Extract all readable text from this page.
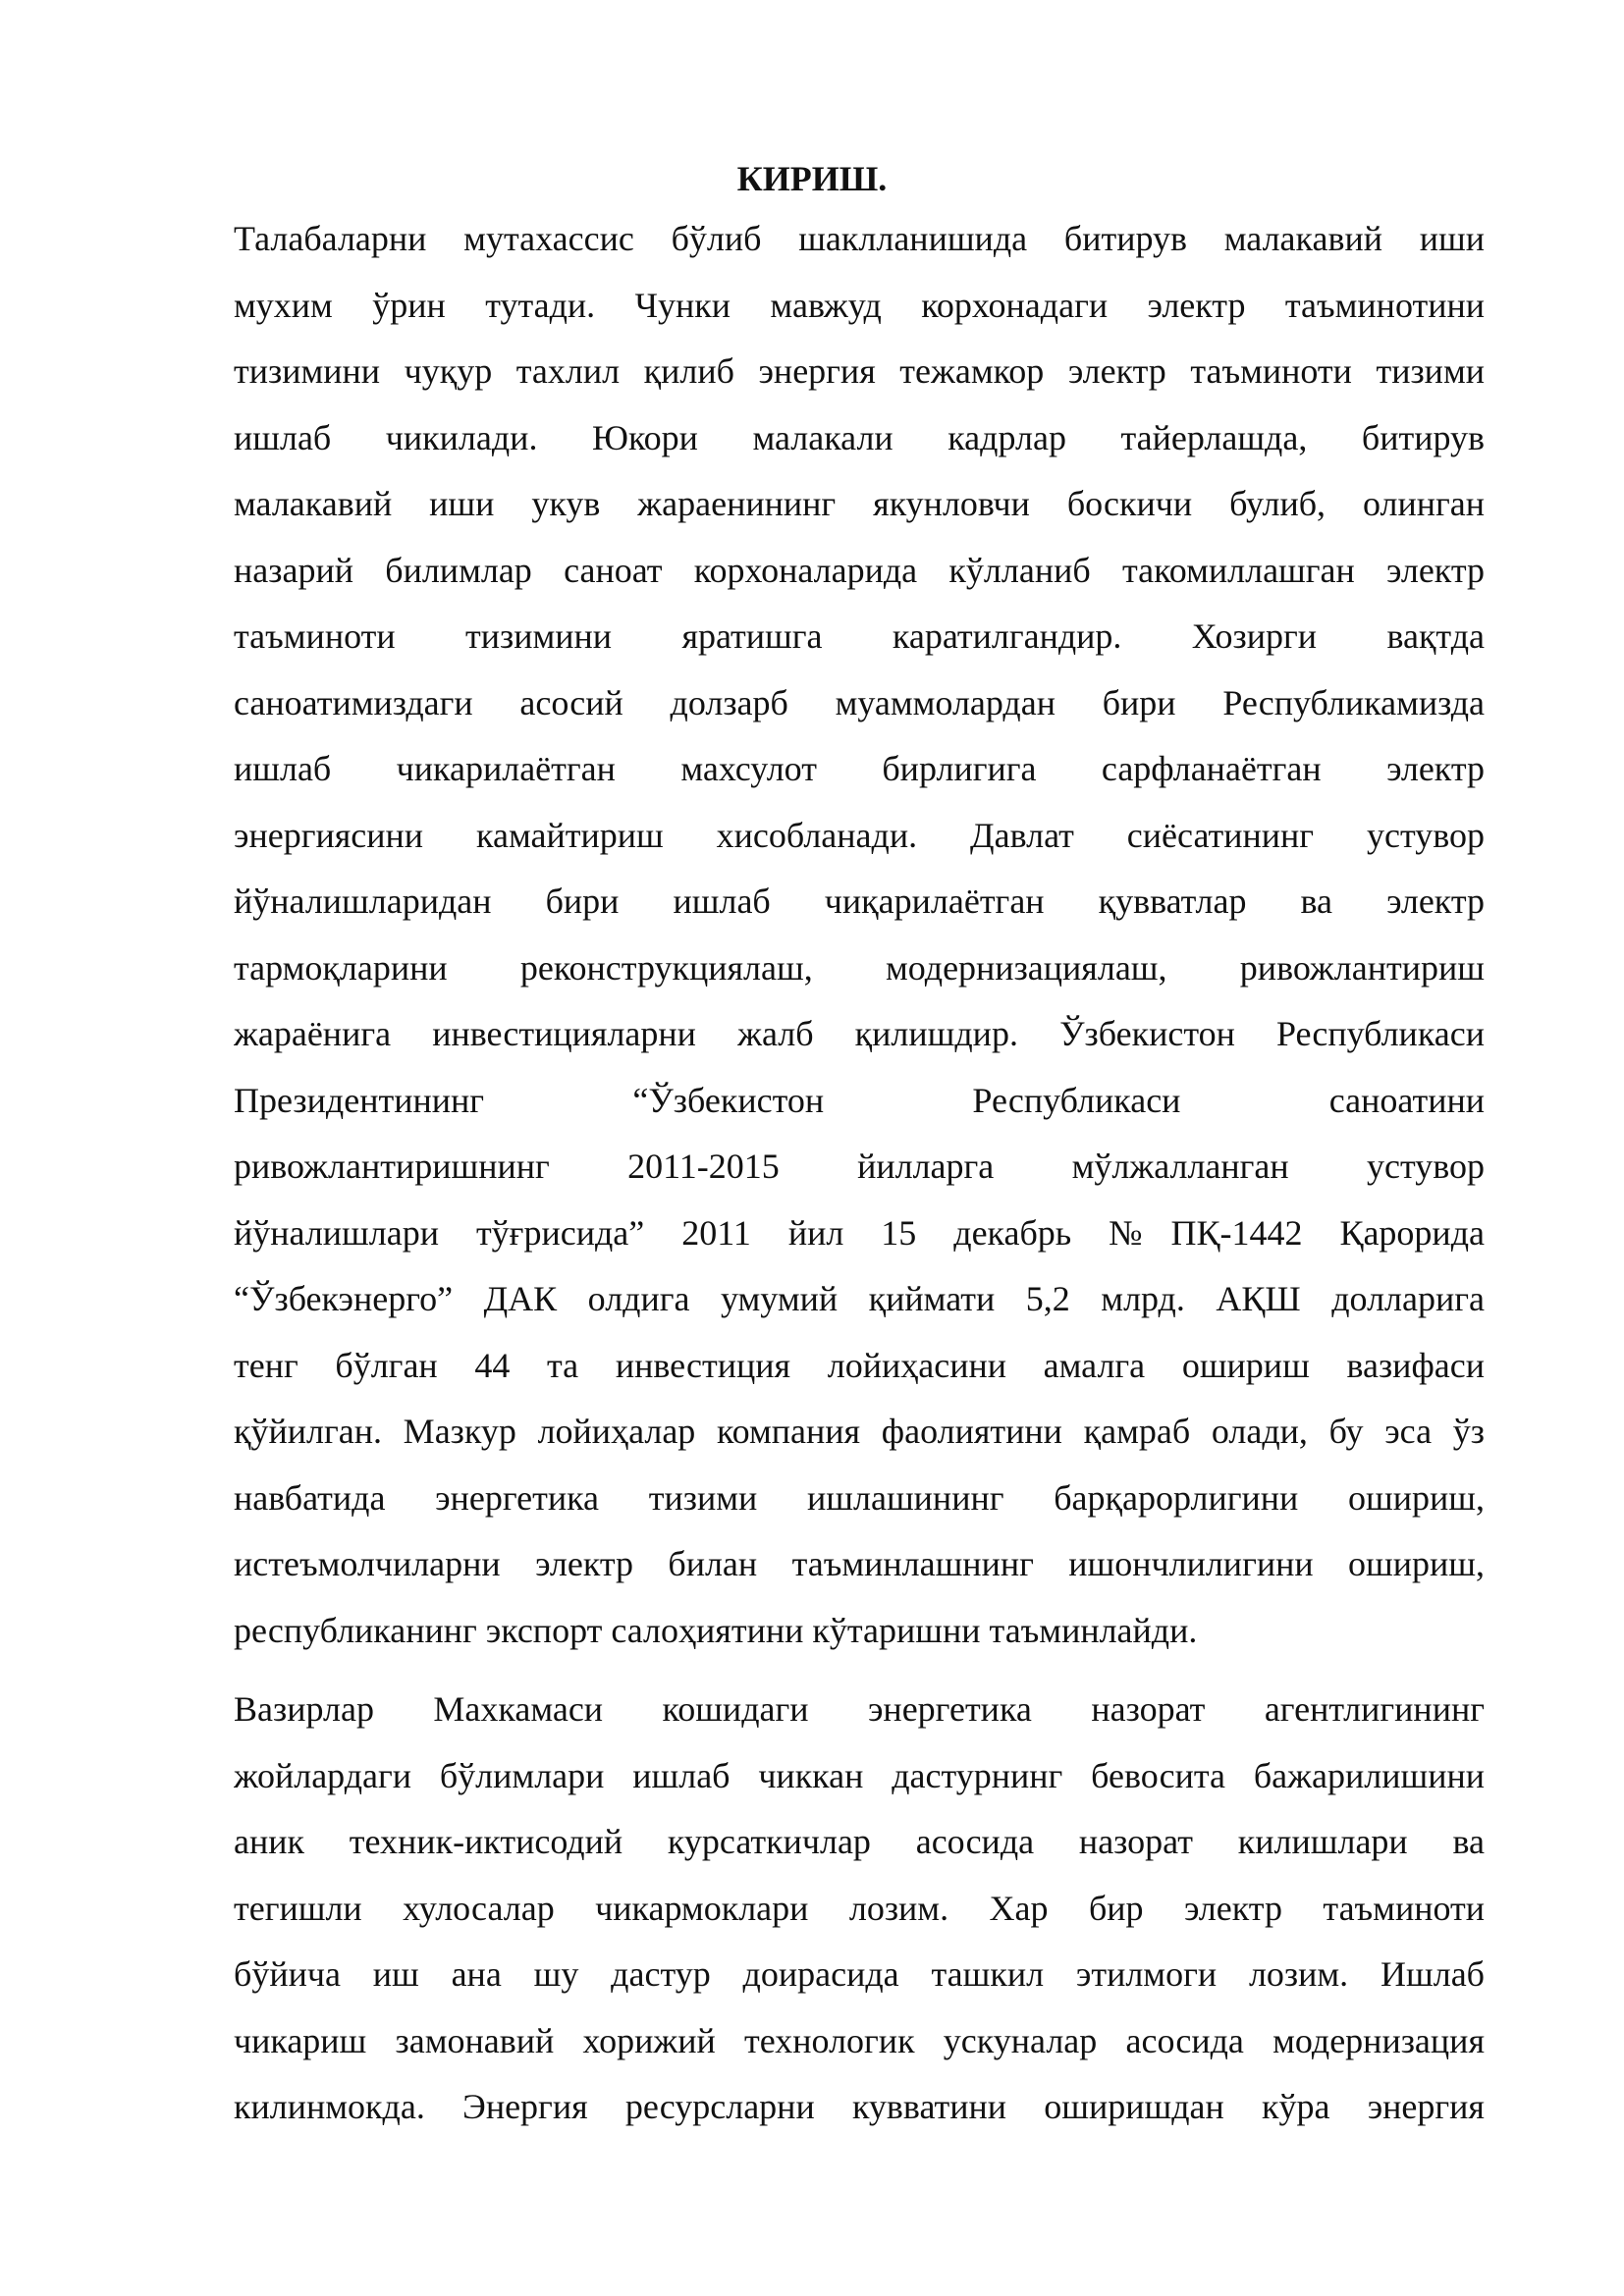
КИРИШ.

Талабаларни мутахассис бўлиб шаклланишида битирув малакавий иши
мухим ўрин тутади. Чунки мавжуд корхонадаги электр таъминотини
тизимини чуқур тахлил қилиб энергия тежамкор электр таъминоти тизими
ишлаб чикилади. Юкори малакали кадрлар тайерлашда, битирув
малакавий иши укув жараенининг якунловчи боскичи булиб, олинган
назарий билимлар саноат корхоналарида кўлланиб такомиллашган электр
таъминоти тизимини яратишга каратилгандир. Хозирги вақтда
саноатимиздаги асосий долзарб муаммолардан бири Республикамизда
ишлаб чикарилаётган махсулот бирлигига сарфланаётган электр
энергиясини камайтириш хисобланади. Давлат сиёсатининг устувор
йўналишларидан бири ишлаб чиқарилаётган қувватлар ва электр
тармоқларини реконструкциялаш, модернизациялаш, ривожлантириш
жараёнига инвестицияларни жалб қилишдир. Ўзбекистон Республикаси
Президентининг “Ўзбекистон Республикаси саноатини
ривожлантиришнинг 2011-2015 йилларга мўлжалланган устувор
йўналишлари тўғрисида” 2011 йил 15 декабрь №ПҚ-1442 Қарорида
“Ўзбекэнерго” ДАК олдига умумий қиймати 5,2 млрд. АҚШ долларига
тенг бўлган 44 та инвестиция лойиҳасини амалга ошириш вазифаси
қўйилган. Мазкур лойиҳалар компания фаолиятини қамраб олади, бу эса ўз
навбатида энергетика тизими ишлашининг барқарорлигини ошириш,
истеъмолчиларни электр билан таъминлашнинг ишончлилигини ошириш,
республиканинг экспорт салоҳиятини кўтаришни таъминлайди.

Вазирлар Махкамаси кошидаги энергетика назорат агентлигининг
жойлардаги бўлимлари ишлаб чиккан дастурнинг бевосита бажарилишини
аник техник-иктисодий курсаткичлар асосида назорат килишлари ва
тегишли хулосалар чикармоклари лозим. Хар бир электр таъминоти
бўйича иш ана шу дастур доирасида ташкил этилмоги лозим. Ишлаб
чикариш замонавий хорижий технологик ускуналар асосида модернизация
килинмокда. Энергия ресурсларни кувватини оширишдан кўра энергия
